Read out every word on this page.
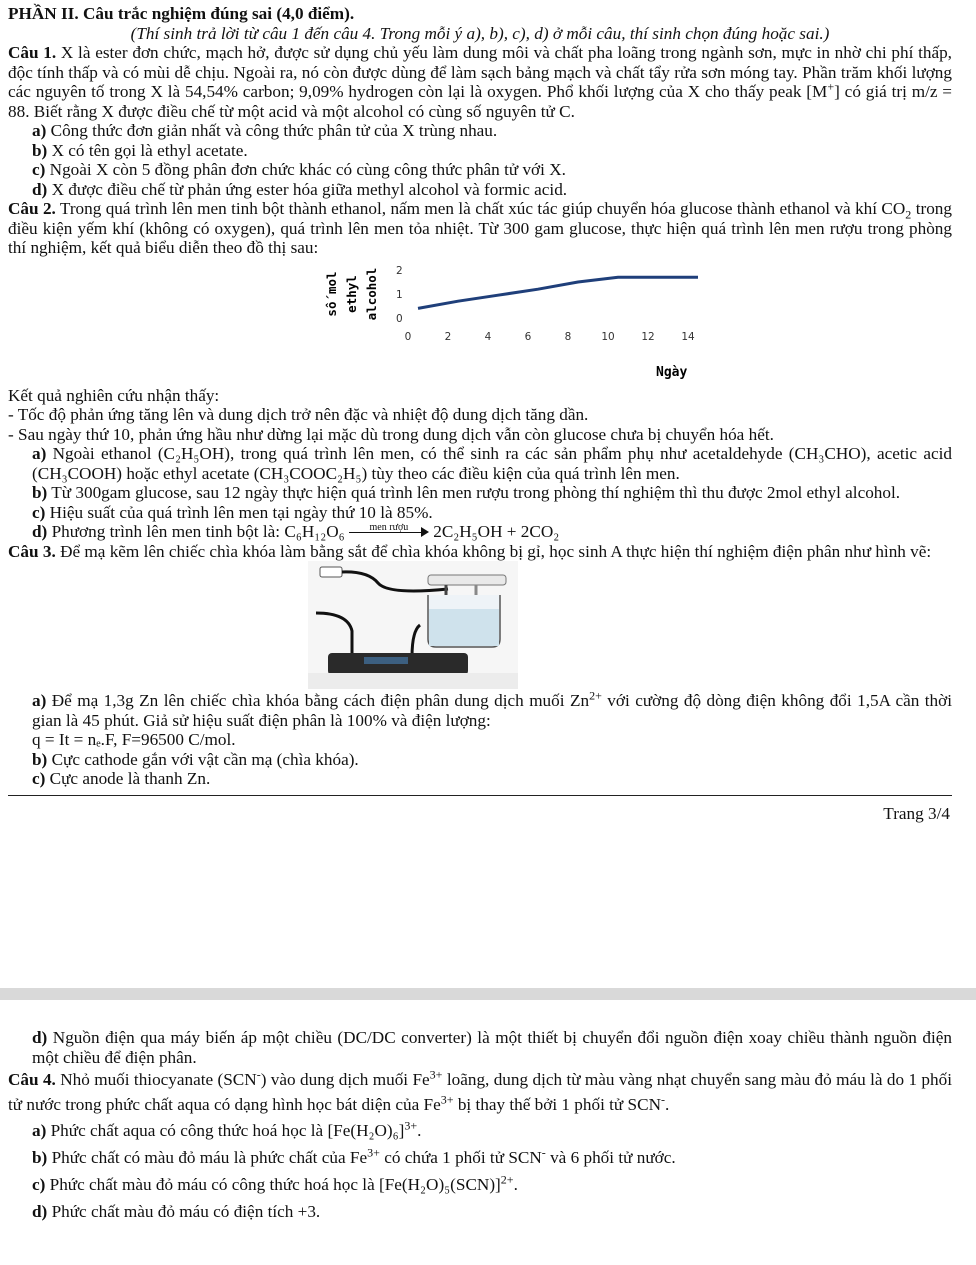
PHẦN II. Câu trắc nghiệm đúng sai (4,0 điểm).

(Thí sinh trả lời từ câu 1 đến câu 4. Trong mỗi ý a), b), c), d) ở mỗi câu, thí sinh chọn đúng hoặc sai.)

Câu 1. X là ester đơn chức, mạch hở, được sử dụng chủ yếu làm dung môi và chất pha loãng trong ngành sơn, mực in nhờ chi phí thấp, độc tính thấp và có mùi dễ chịu. Ngoài ra, nó còn được dùng để làm sạch bảng mạch và chất tẩy rửa sơn móng tay. Phần trăm khối lượng các nguyên tố trong X là 54,54% carbon; 9,09% hydrogen còn lại là oxygen. Phổ khối lượng của X cho thấy peak [M+] có giá trị m/z = 88. Biết rằng X được điều chế từ một acid và một alcohol có cùng số nguyên tử C.

a) Công thức đơn giản nhất và công thức phân tử của X trùng nhau.

b) X có tên gọi là ethyl acetate.

c) Ngoài X còn 5 đồng phân đơn chức khác có cùng công thức phân tử với X.

d) X được điều chế từ phản ứng ester hóa giữa methyl alcohol và formic acid.

Câu 2. Trong quá trình lên men tinh bột thành ethanol, nấm men là chất xúc tác giúp chuyển hóa glucose thành ethanol và khí $CO_2$ trong điều kiện yếm khí (không có oxygen), quá trình lên men tỏa nhiệt. Từ 300 gam glucose, thực hiện quá trình lên men rượu trong phòng thí nghiệm, kết quả biểu diễn theo đồ thị sau:

số mol ethyl alcohol 0
1
2
0	2	4	6	8	10	12	14
Ngày

Kết quả nghiên cứu nhận thấy:

- Tốc độ phản ứng tăng lên và dung dịch trở nên đặc và nhiệt độ dung dịch tăng dần.

- Sau ngày thứ 10, phản ứng hầu như dừng lại mặc dù trong dung dịch vẫn còn glucose chưa bị chuyển hóa hết.

a) Ngoài ethanol (C₂H₅OH), trong quá trình lên men, có thể sinh ra các sản phẩm phụ như acetaldehyde (CH₃CHO), acetic acid (CH₃COOH) hoặc ethyl acetate (CH₃COOC₂H₅) tùy theo các điều kiện của quá trình lên men.

b) Từ 300gam glucose, sau 12 ngày thực hiện quá trình lên men rượu trong phòng thí nghiệm thì thu được 2mol ethyl alcohol.

c) Hiệu suất của quá trình lên men tại ngày thứ 10 là 85%.

d) Phương trình lên men tinh bột là: C₆H₁₂O₆	men rượu	2C₂H₅OH + 2CO₂

Câu 3. Để mạ kẽm lên chiếc chìa khóa làm bằng sắt để chìa khóa không bị gỉ, học sinh A thực hiện thí nghiệm điện phân như hình vẽ:

a) Để mạ 1,3g Zn lên chiếc chìa khóa bằng cách điện phân dung dịch muối $Zn^{2+}$ với cường độ dòng điện không đổi 1,5A cần thời gian là 45 phút. Giả sử hiệu suất điện phân là 100% và điện lượng:

q = It = nₑ.F, F=96500 C/mol.

b) Cực cathode gắn với vật cần mạ (chìa khóa).

c) Cực anode là thanh Zn.

Trang 3/4

d) Nguồn điện qua máy biến áp một chiều (DC/DC converter) là một thiết bị chuyển đổi nguồn điện xoay chiều thành nguồn điện một chiều để điện phân.

Câu 4. Nhỏ muối thiocyanate (SCN-) vào dung dịch muối $Fe^{3+}$ loãng, dung dịch từ màu vàng nhạt chuyển sang màu đỏ máu là do 1 phối tử nước trong phức chất aqua có dạng hình học bát diện của $Fe^{3+}$ bị thay thế bởi 1 phối tử SCN-.

a) Phức chất aqua có công thức hoá học là $[Fe(H_2O)_6]^{3+}$.

b) Phức chất có màu đỏ máu là phức chất của $Fe^{3+}$ có chứa 1 phối tử SCN- và 6 phối tử nước.

c) Phức chất màu đỏ máu có công thức hoá học là $[Fe(H_2O)_5(SCN)]^{2+}$.

d) Phức chất màu đỏ máu có điện tích +3.
